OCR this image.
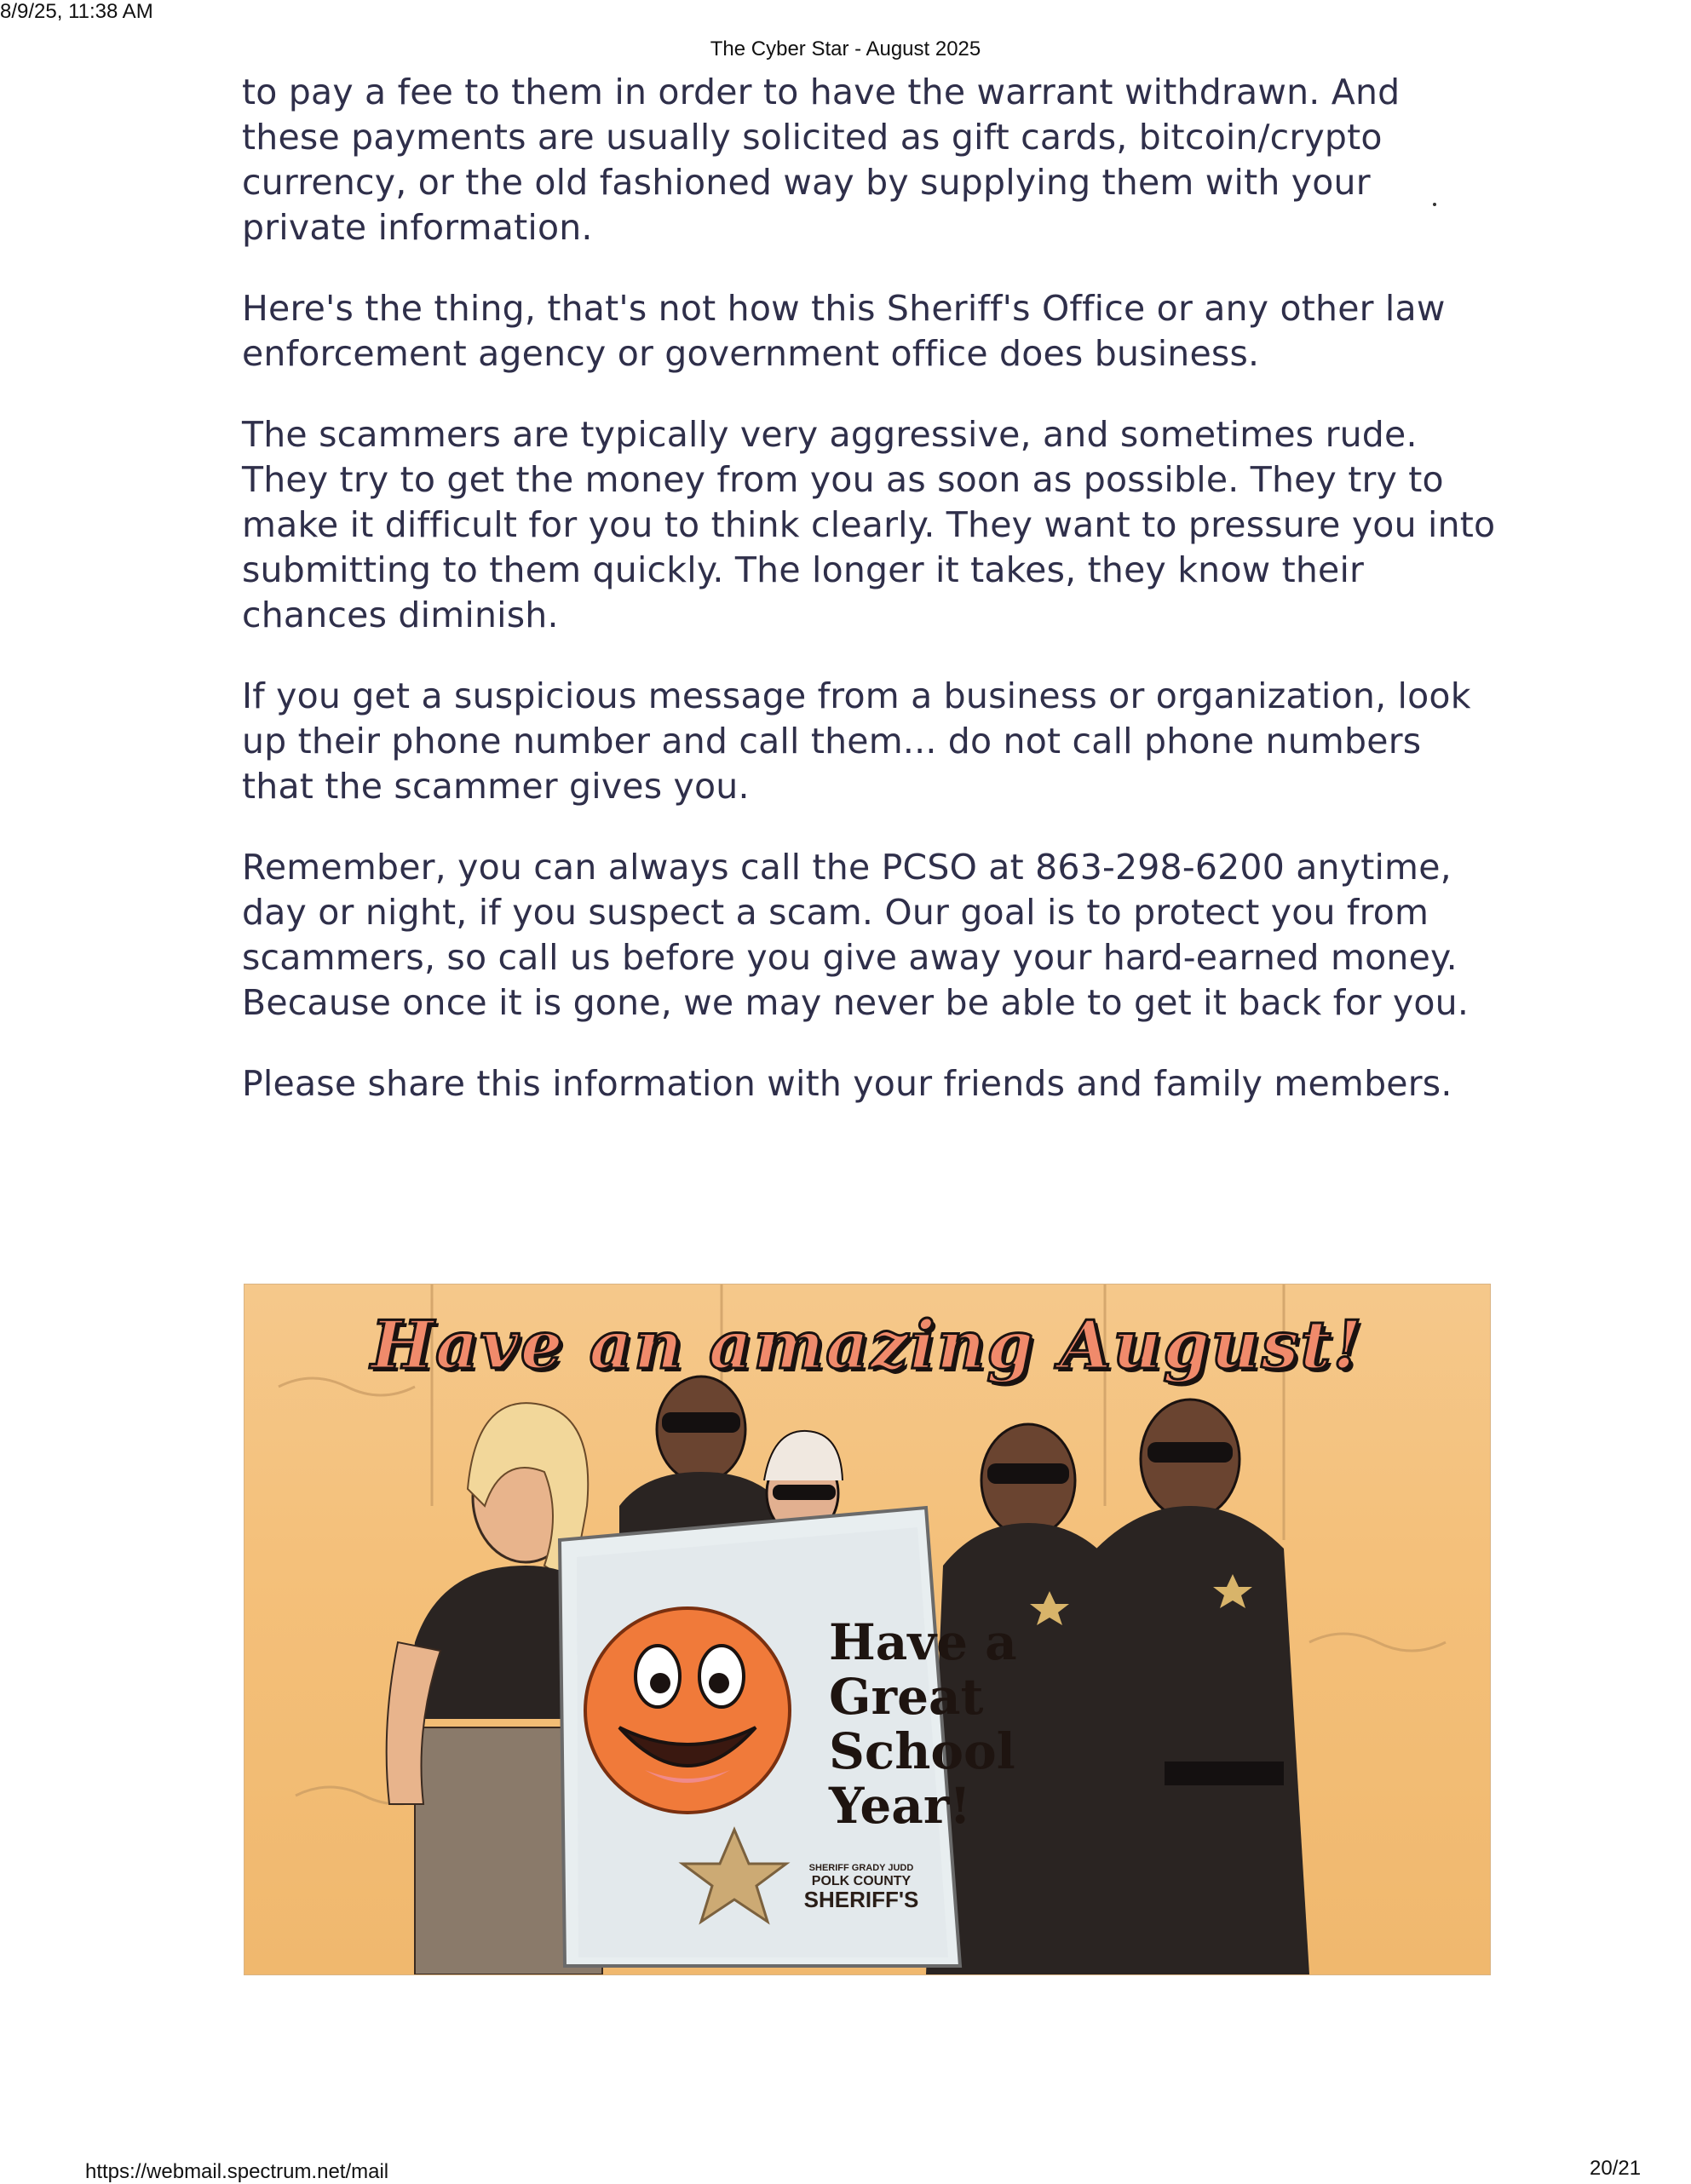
8/9/25, 11:38 AM
The Cyber Star - August 2025

to pay a fee to them in order to have the warrant withdrawn. And these payments are usually solicited as gift cards, bitcoin/crypto currency, or the old fashioned way by supplying them with your private information.

Here's the thing, that's not how this Sheriff's Office or any other law enforcement agency or government office does business.

The scammers are typically very aggressive, and sometimes rude. They try to get the money from you as soon as possible. They try to make it difficult for you to think clearly. They want to pressure you into submitting to them quickly. The longer it takes, they know their chances diminish.

If you get a suspicious message from a business or organization, look up their phone number and call them... do not call phone numbers that the scammer gives you.

Remember, you can always call the PCSO at 863-298-6200 anytime, day or night, if you suspect a scam. Our goal is to protect you from scammers, so call us before you give away your hard-earned money. Because once it is gone, we may never be able to get it back for you.

Please share this information with your friends and family members.

Have an amazing August!
Have a
Great
School
Year!
SHERIFF GRADY JUDD
POLK COUNTY
SHERIFF'S
https://webmail.spectrum.net/mail	20/21
